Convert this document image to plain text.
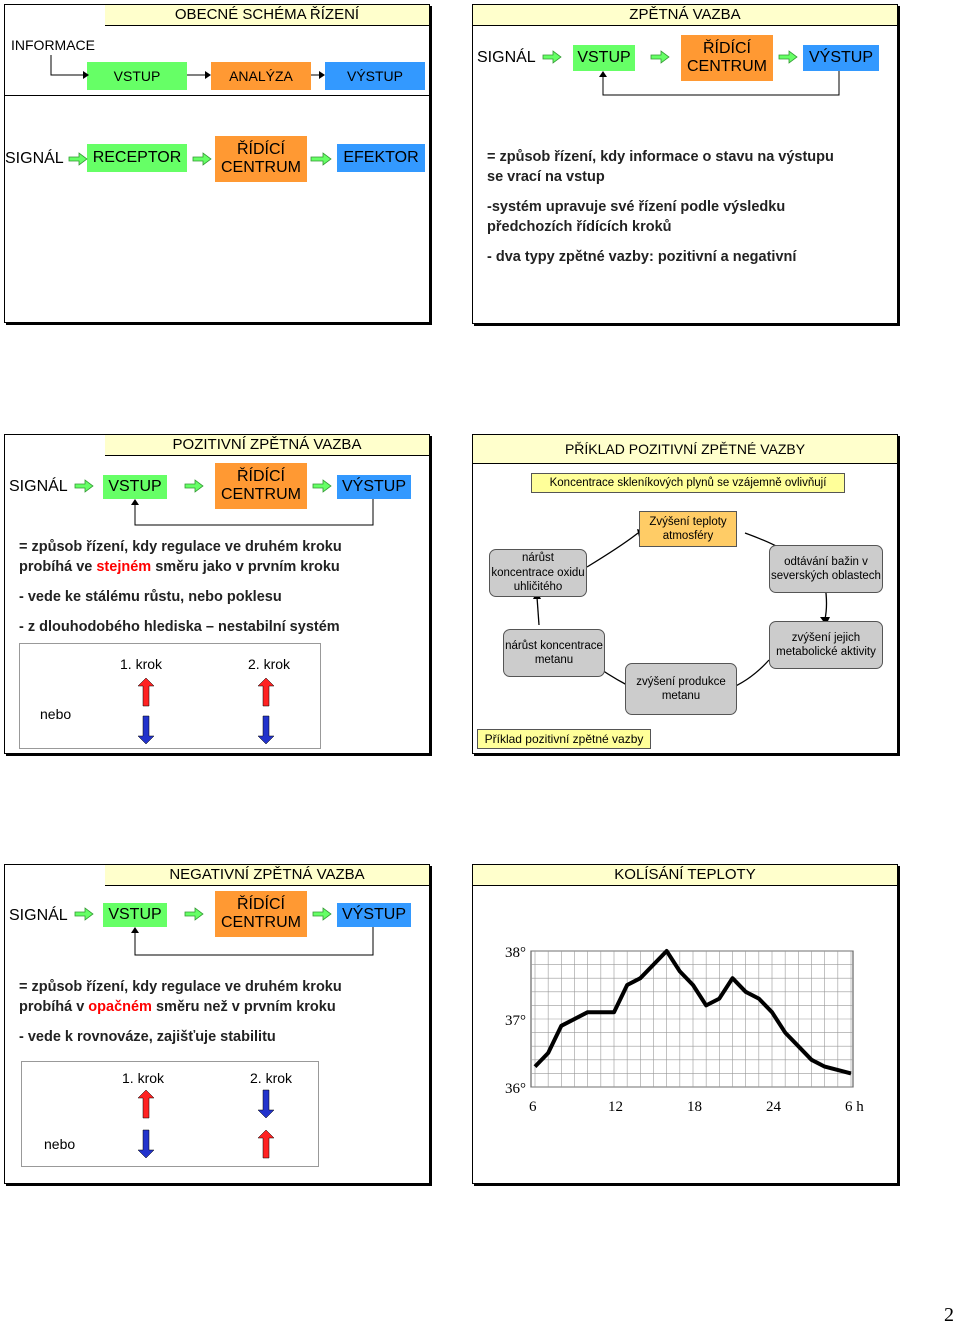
OBECNÉ SCHÉMA ŘÍZENÍ
INFORMACE
VSTUP	ANALÝZA	VÝSTUP
SIGNÁL	RECEPTOR	ŘÍDÍCÍ
CENTRUM
EFEKTOR
ZPĚTNÁ VAZBA
SIGNÁL	VSTUP
ŘÍDÍCÍ
CENTRUM
VÝSTUP
= způsob řízení, kdy informace o stavu na výstupu
se vrací na vstup
-systém upravuje své řízení podle výsledku
předchozích řídících kroků
- dva typy zpětné vazby: pozitivní a negativní
POZITIVNÍ ZPĚTNÁ VAZBA
SIGNÁL	VSTUP
ŘÍDÍCÍ
CENTRUM	VÝSTUP
= způsob řízení, kdy regulace ve druhém kroku
probíhá ve stejném směru jako v prvním kroku
- vede ke stálému růstu, nebo poklesu
- z dlouhodobého hlediska – nestabilní systém
1. krok	2. krok
nebo
PŘÍKLAD POZITIVNÍ ZPĚTNÉ VAZBY
Koncentrace skleníkových plynů se vzájemně ovlivňují
Zvýšení teploty atmosféry
nárůst koncentrace oxidu uhličitého
odtávání bažin v severských oblastech
zvýšení jejich metabolické aktivity
nárůst koncentrace metanu
zvýšení produkce metanu
Příklad pozitivní zpětné vazby
NEGATIVNÍ ZPĚTNÁ VAZBA
SIGNÁL	VSTUP
ŘÍDÍCÍ
CENTRUM	VÝSTUP
= způsob řízení, kdy regulace ve druhém kroku
probíhá v opačném směru než v prvním kroku
- vede k rovnováze, zajišťuje stabilitu
1. krok	2. krok
nebo
KOLÍSÁNÍ TEPLOTY
38°
37°
36°
6	12	18	24	6 h
2
